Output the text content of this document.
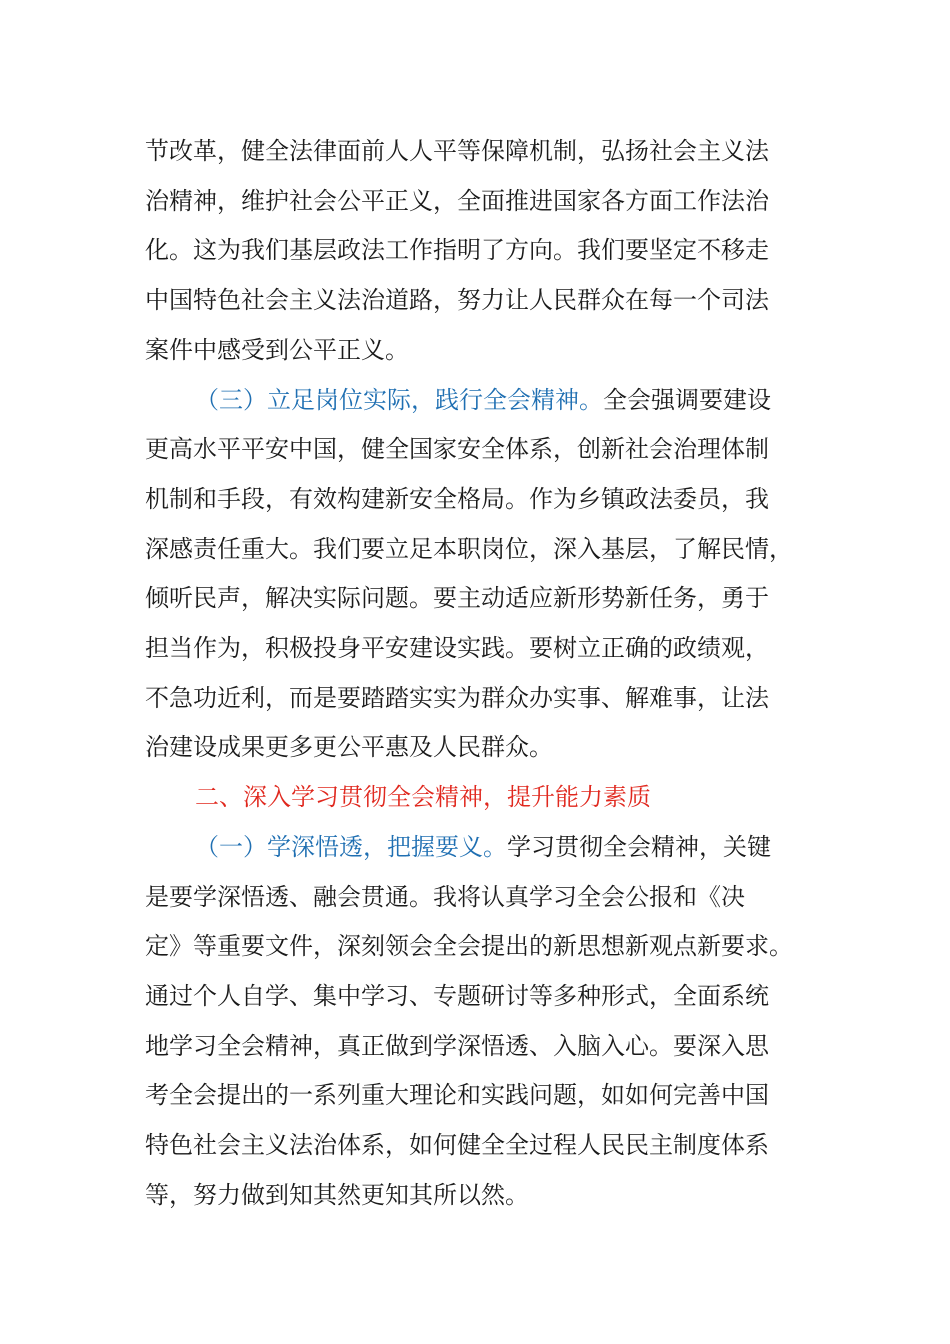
节改革，健全法律面前人人平等保障机制，弘扬社会主义法
治精神，维护社会公平正义，全面推进国家各方面工作法治
化。这为我们基层政法工作指明了方向。我们要坚定不移走
中国特色社会主义法治道路，努力让人民群众在每一个司法
案件中感受到公平正义。
（三）立足岗位实际，践行全会精神。全会强调要建设
更高水平平安中国，健全国家安全体系，创新社会治理体制
机制和手段，有效构建新安全格局。作为乡镇政法委员，我
深感责任重大。我们要立足本职岗位，深入基层，了解民情，
倾听民声，解决实际问题。要主动适应新形势新任务，勇于
担当作为，积极投身平安建设实践。要树立正确的政绩观，
不急功近利，而是要踏踏实实为群众办实事、解难事，让法
治建设成果更多更公平惠及人民群众。
二、深入学习贯彻全会精神，提升能力素质
（一）学深悟透，把握要义。学习贯彻全会精神，关键
是要学深悟透、融会贯通。我将认真学习全会公报和《决
定》等重要文件，深刻领会全会提出的新思想新观点新要求。
通过个人自学、集中学习、专题研讨等多种形式，全面系统
地学习全会精神，真正做到学深悟透、入脑入心。要深入思
考全会提出的一系列重大理论和实践问题，如如何完善中国
特色社会主义法治体系，如何健全全过程人民民主制度体系
等，努力做到知其然更知其所以然。
